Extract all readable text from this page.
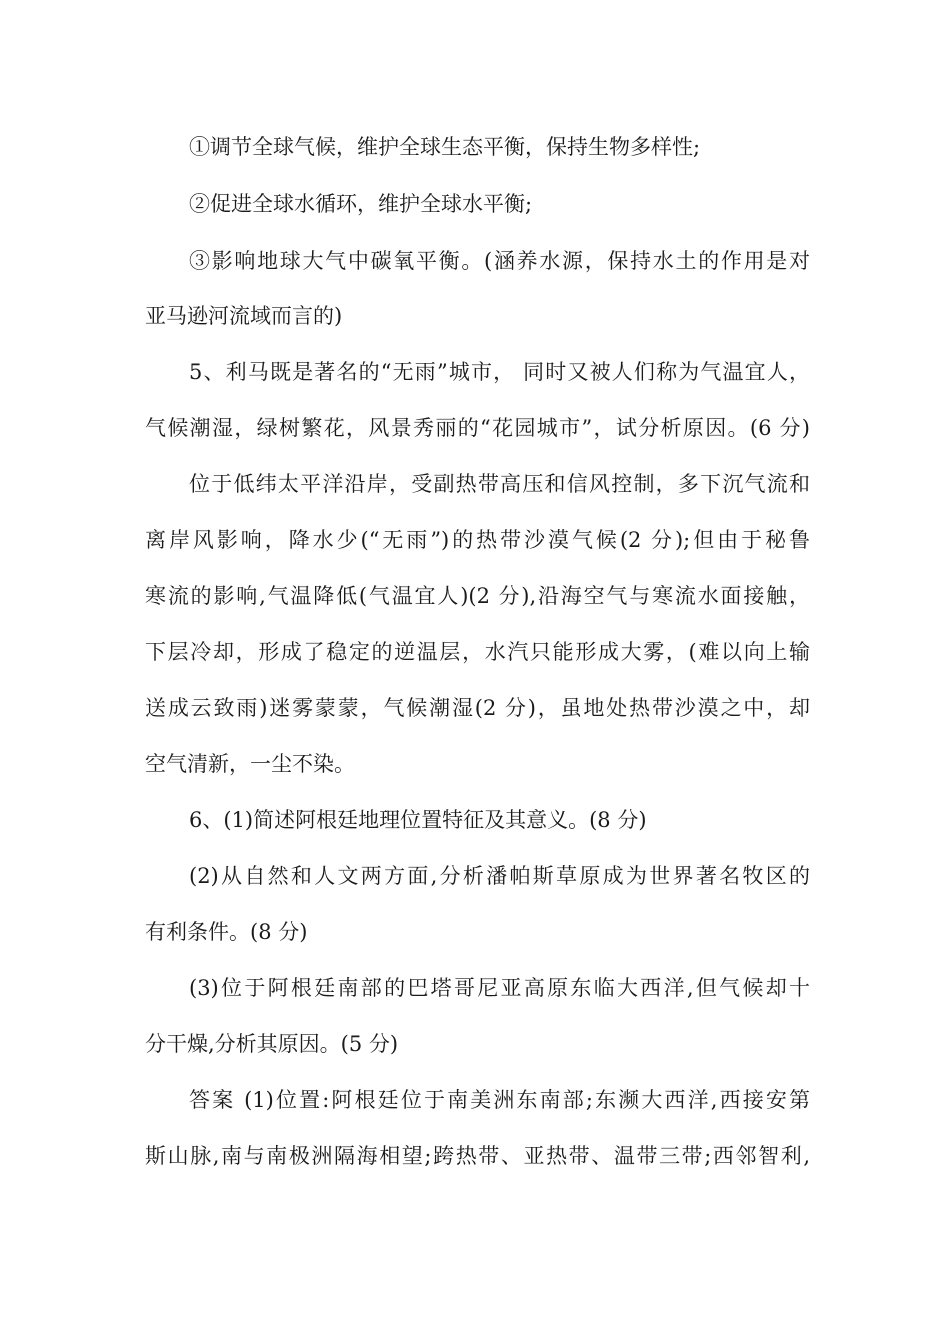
①调节全球气候，维护全球生态平衡，保持生物多样性;
②促进全球水循环，维护全球水平衡;
③影响地球大气中碳氧平衡。(涵养水源，保持水土的作用是对
亚马逊河流域而言的)
5、利马既是著名的“无雨”城市， 同时又被人们称为气温宜人，
气候潮湿，绿树繁花，风景秀丽的“花园城市”，试分析原因。(6 分)
位于低纬太平洋沿岸，受副热带高压和信风控制，多下沉气流和
离岸风影响，降水少(“无雨”)的热带沙漠气候(2 分);但由于秘鲁
寒流的影响,气温降低(气温宜人)(2 分),沿海空气与寒流水面接触，
下层冷却，形成了稳定的逆温层，水汽只能形成大雾，(难以向上输
送成云致雨)迷雾蒙蒙，气候潮湿(2 分)，虽地处热带沙漠之中，却
空气清新，一尘不染。
6、(1)简述阿根廷地理位置特征及其意义。(8 分)
(2)从自然和人文两方面,分析潘帕斯草原成为世界著名牧区的
有利条件。(8 分)
(3)位于阿根廷南部的巴塔哥尼亚高原东临大西洋,但气候却十
分干燥,分析其原因。(5 分)
答案 (1)位置:阿根廷位于南美洲东南部;东濒大西洋,西接安第
斯山脉,南与南极洲隔海相望;跨热带、亚热带、温带三带;西邻智利,
